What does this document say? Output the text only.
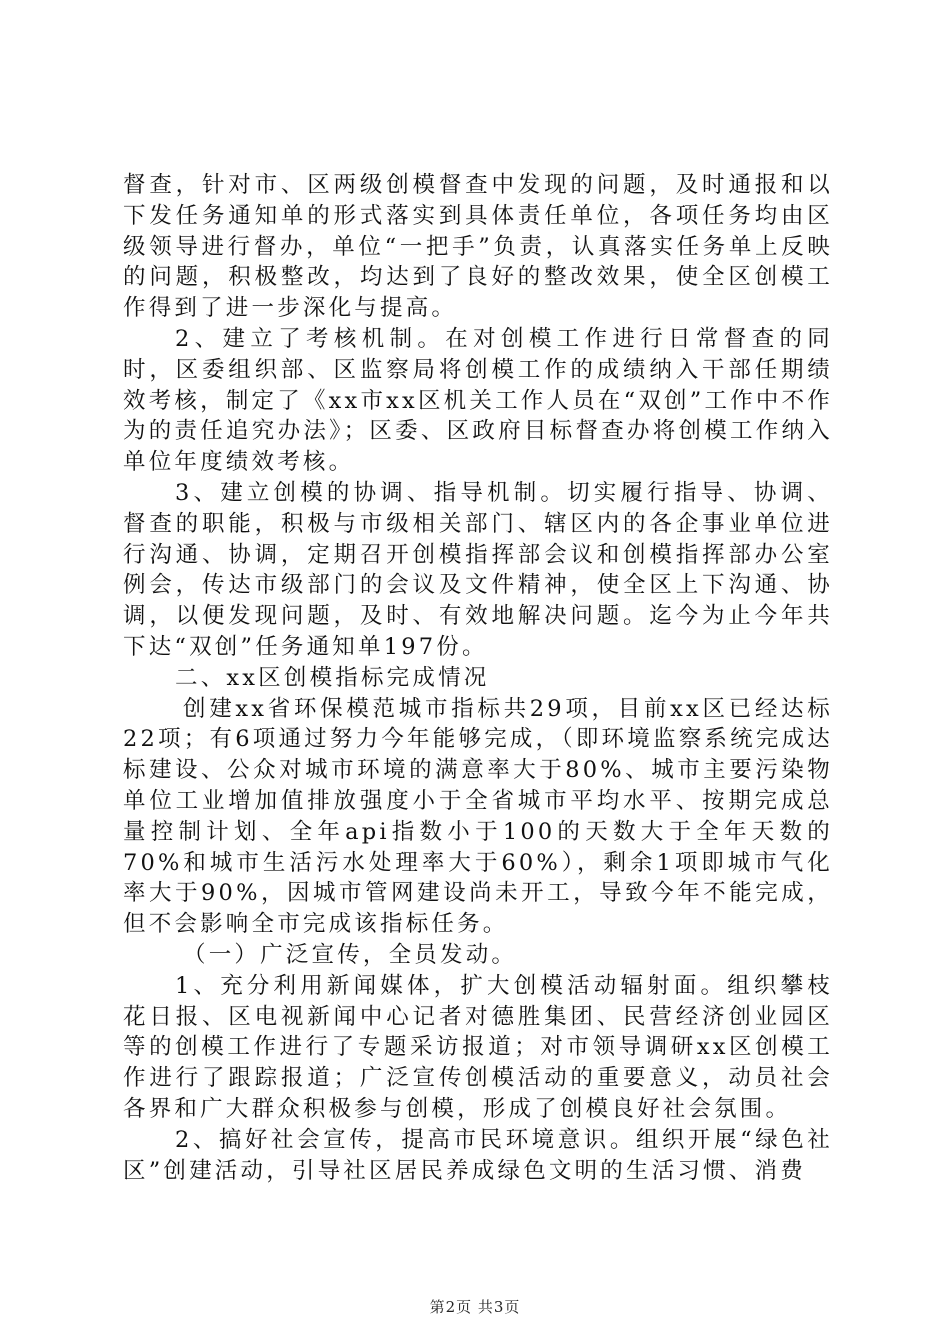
督查，针对市、区两级创模督查中发现的问题，及时通报和以下发任务通知单的形式落实到具体责任单位，各项任务均由区级领导进行督办，单位“一把手”负责，认真落实任务单上反映的问题，积极整改，均达到了良好的整改效果，使全区创模工作得到了进一步深化与提高。

2、建立了考核机制。在对创模工作进行日常督查的同时，区委组织部、区监察局将创模工作的成绩纳入干部任期绩效考核，制定了《xx市xx区机关工作人员在“双创”工作中不作为的责任追究办法》；区委、区政府目标督查办将创模工作纳入单位年度绩效考核。

3、建立创模的协调、指导机制。切实履行指导、协调、督查的职能，积极与市级相关部门、辖区内的各企事业单位进行沟通、协调，定期召开创模指挥部会议和创模指挥部办公室例会，传达市级部门的会议及文件精神，使全区上下沟通、协调，以便发现问题，及时、有效地解决问题。迄今为止今年共下达“双创”任务通知单197份。

二、xx区创模指标完成情况

创建xx省环保模范城市指标共29项，目前xx区已经达标22项；有6项通过努力今年能够完成，（即环境监察系统完成达标建设、公众对城市环境的满意率大于80%、城市主要污染物单位工业增加值排放强度小于全省城市平均水平、按期完成总量控制计划、全年api指数小于100的天数大于全年天数的70%和城市生活污水处理率大于60%），剩余1项即城市气化率大于90%，因城市管网建设尚未开工，导致今年不能完成，但不会影响全市完成该指标任务。

（一）广泛宣传，全员发动。

1、充分利用新闻媒体，扩大创模活动辐射面。组织攀枝花日报、区电视新闻中心记者对德胜集团、民营经济创业园区等的创模工作进行了专题采访报道；对市领导调研xx区创模工作进行了跟踪报道；广泛宣传创模活动的重要意义，动员社会各界和广大群众积极参与创模，形成了创模良好社会氛围。

2、搞好社会宣传，提高市民环境意识。组织开展“绿色社区”创建活动，引导社区居民养成绿色文明的生活习惯、消费

第2页 共3页
